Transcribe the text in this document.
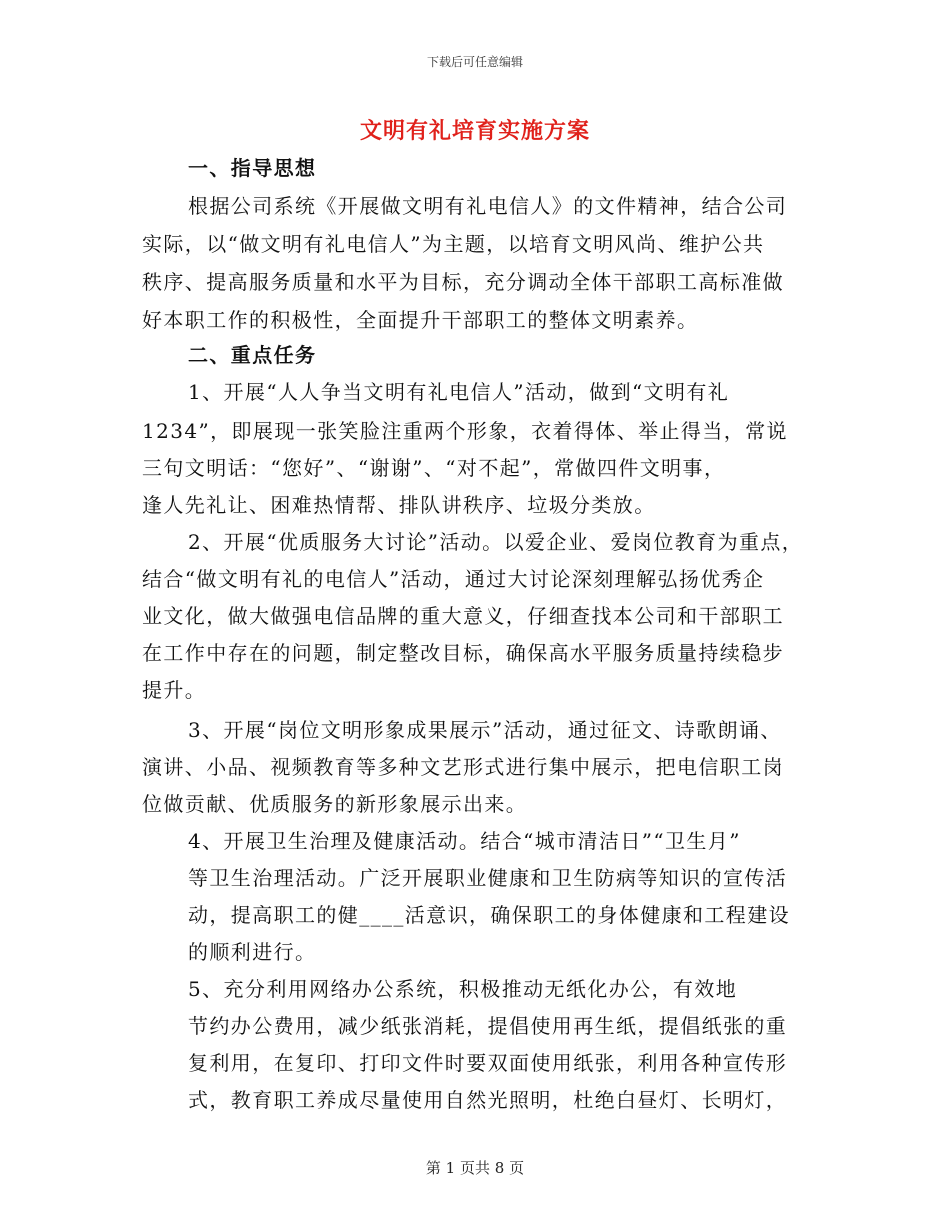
下载后可任意编辑
文明有礼培育实施方案
一、指导思想
根据公司系统《开展做文明有礼电信人》的文件精神，结合公司
实际，以“做文明有礼电信人”为主题，以培育文明风尚、维护公共
秩序、提高服务质量和水平为目标，充分调动全体干部职工高标准做
好本职工作的积极性，全面提升干部职工的整体文明素养。
二、重点任务
1、开展“人人争当文明有礼电信人”活动，做到“文明有礼
1234”，即展现一张笑脸注重两个形象，衣着得体、举止得当，常说
三句文明话：“您好”、“谢谢”、“对不起”，常做四件文明事，
逢人先礼让、困难热情帮、排队讲秩序、垃圾分类放。
2、开展“优质服务大讨论”活动。以爱企业、爱岗位教育为重点，
结合“做文明有礼的电信人”活动，通过大讨论深刻理解弘扬优秀企
业文化，做大做强电信品牌的重大意义，仔细查找本公司和干部职工
在工作中存在的问题，制定整改目标，确保高水平服务质量持续稳步
提升。
3、开展“岗位文明形象成果展示”活动，通过征文、诗歌朗诵、
演讲、小品、视频教育等多种文艺形式进行集中展示，把电信职工岗
位做贡献、优质服务的新形象展示出来。
4、开展卫生治理及健康活动。结合“城市清洁日”“卫生月”
等卫生治理活动。广泛开展职业健康和卫生防病等知识的宣传活
动，提高职工的健____活意识，确保职工的身体健康和工程建设
的顺利进行。
5、充分利用网络办公系统，积极推动无纸化办公，有效地
节约办公费用，减少纸张消耗，提倡使用再生纸，提倡纸张的重
复利用，在复印、打印文件时要双面使用纸张，利用各种宣传形
式，教育职工养成尽量使用自然光照明，杜绝白昼灯、长明灯，
第 1 页共 8 页
